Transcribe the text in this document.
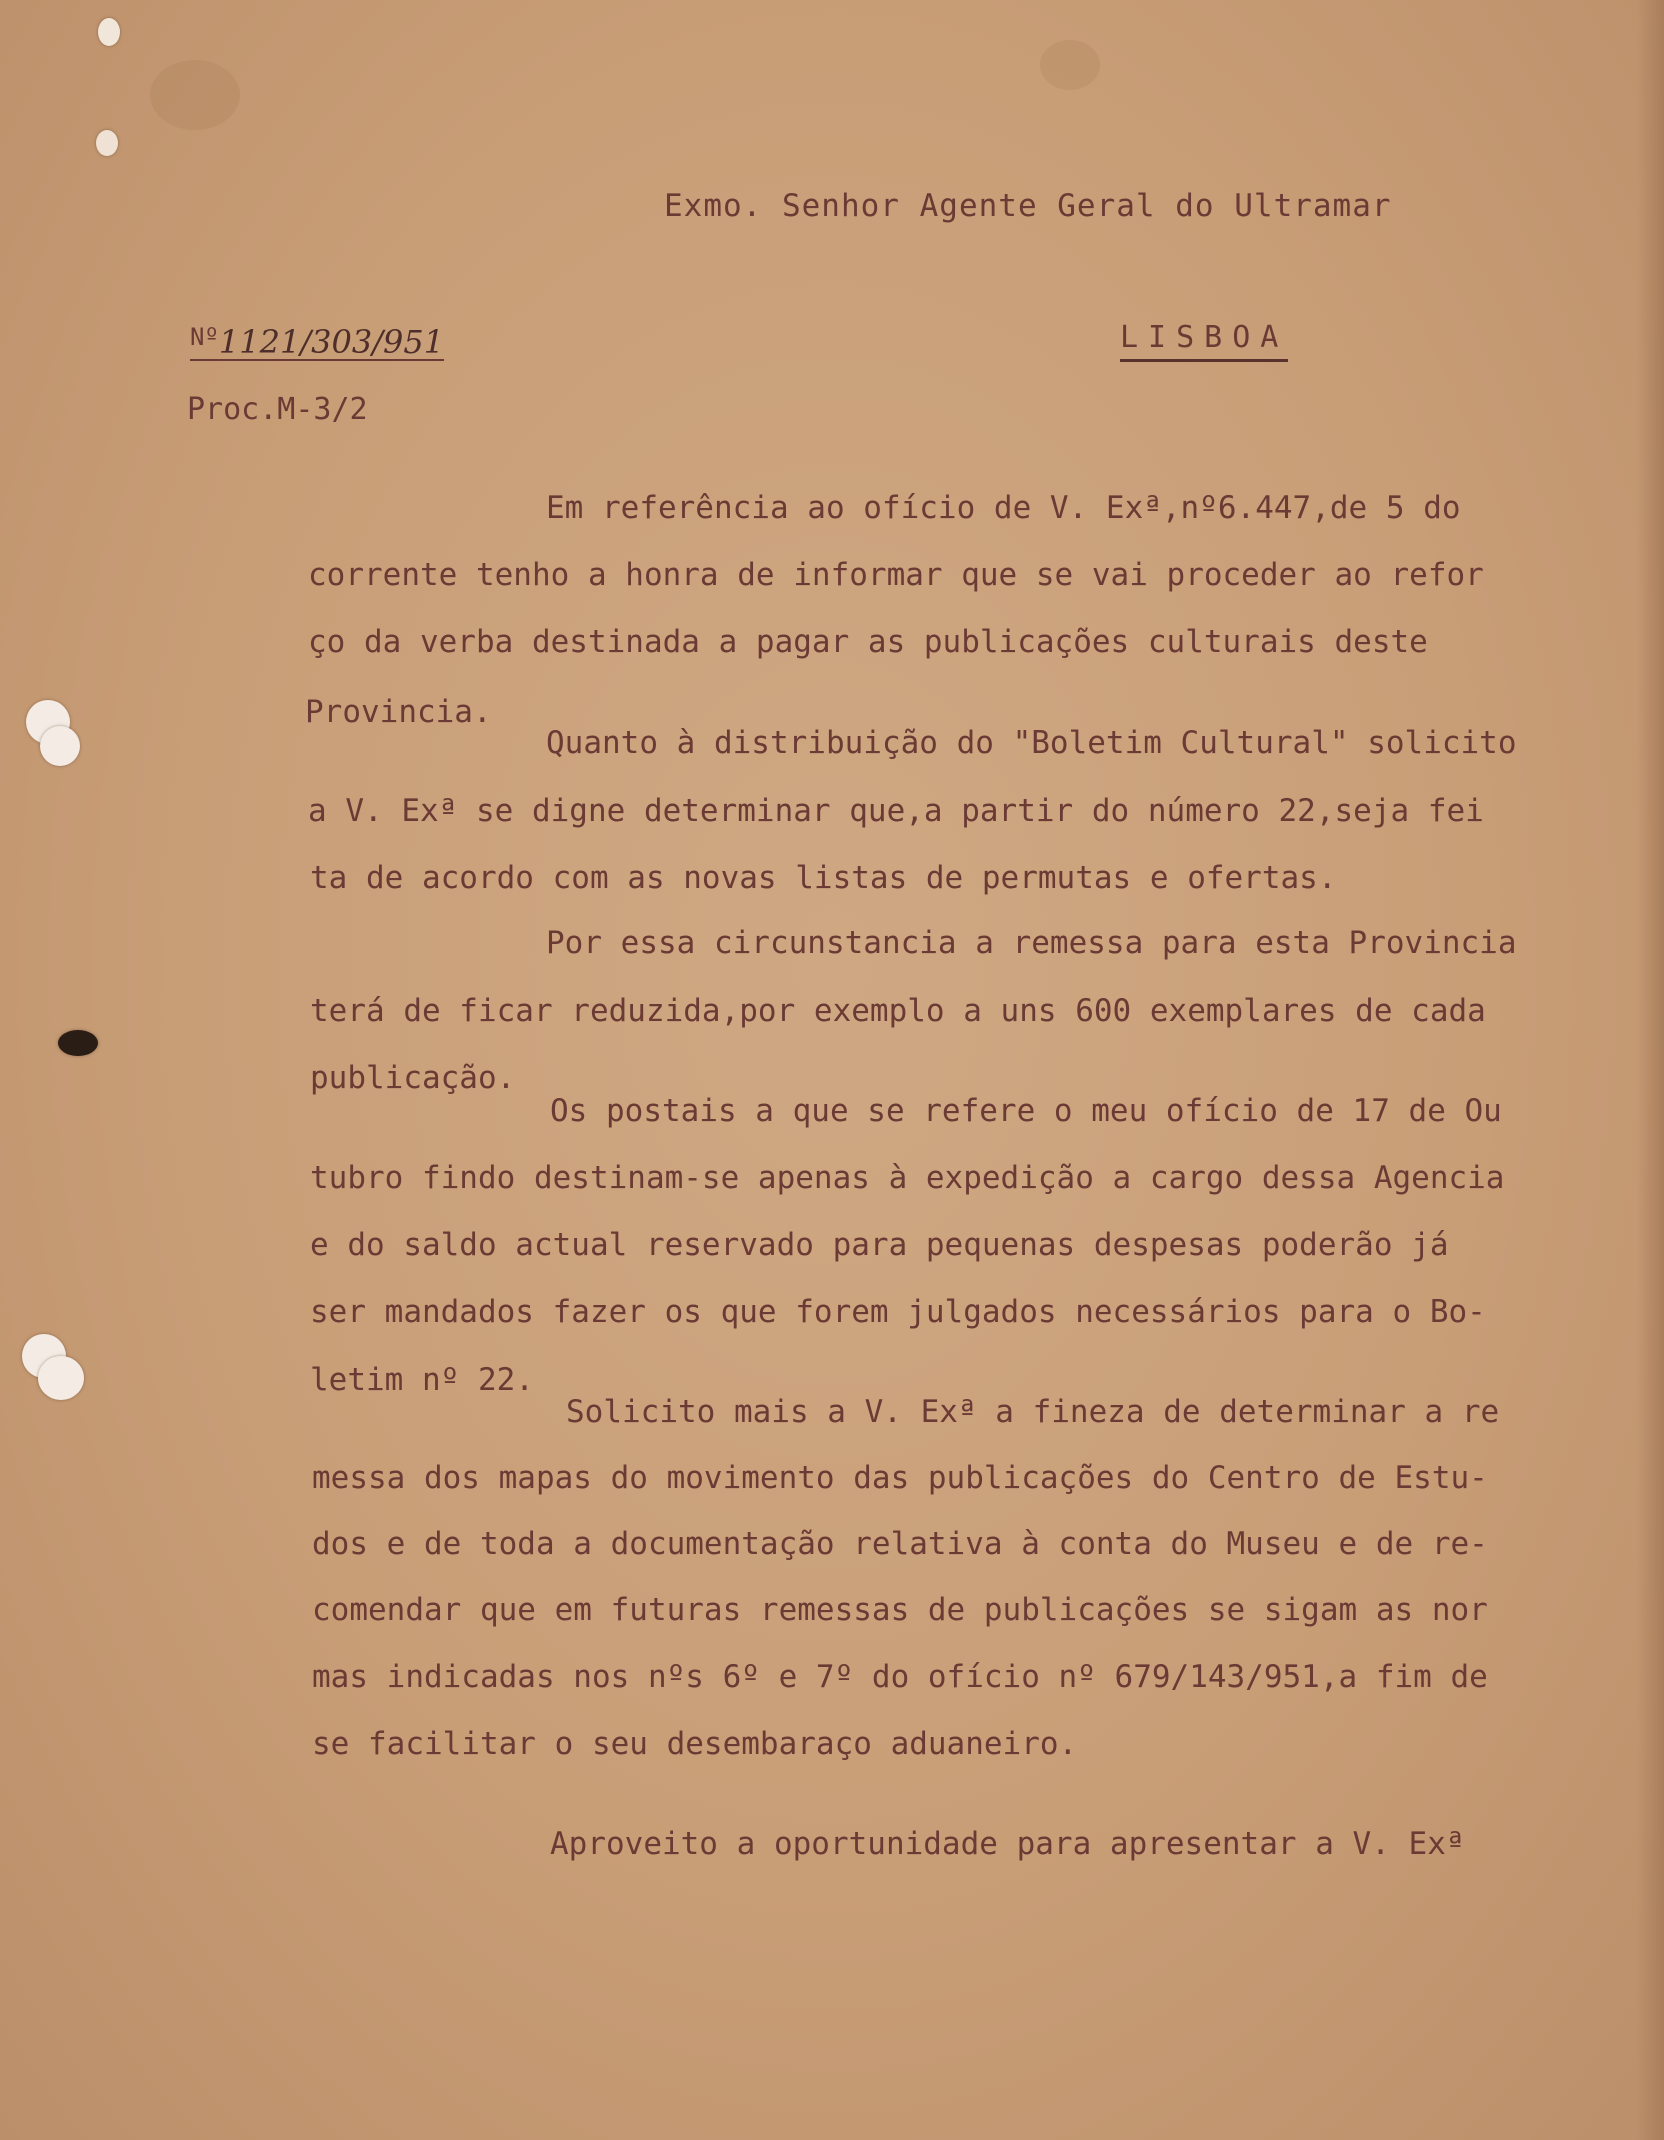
Exmo. Senhor Agente Geral do Ultramar

$^{Nº}$1121/303/951	LISBOA

Proc.M-3/2

Em referência ao ofício de V. Exª,nº6.447,de 5 do

corrente tenho a honra de informar que se vai proceder ao refor

ço da verba destinada a pagar as publicações culturais deste

Provincia.

Quanto à distribuição do "Boletim Cultural" solicito

a V. Exª se digne determinar que,a partir do número 22,seja fei

ta de acordo com as novas listas de permutas e ofertas.

Por essa circunstancia a remessa para esta Provincia

terá de ficar reduzida,por exemplo a uns 600 exemplares de cada

publicação.

Os postais a que se refere o meu ofício de 17 de Ou

tubro findo destinam-se apenas à expedição a cargo dessa Agencia

e do saldo actual reservado para pequenas despesas poderão já

ser mandados fazer os que forem julgados necessários para o Bo-

letim nº 22.

Solicito mais a V. Exª a fineza de determinar a re

messa dos mapas do movimento das publicações do Centro de Estu-

dos e de toda a documentação relativa à conta do Museu e de re-

comendar que em futuras remessas de publicações se sigam as nor

mas indicadas nos nºs 6º e 7º do ofício nº 679/143/951,a fim de

se facilitar o seu desembaraço aduaneiro.

Aproveito a oportunidade para apresentar a V. Exª
